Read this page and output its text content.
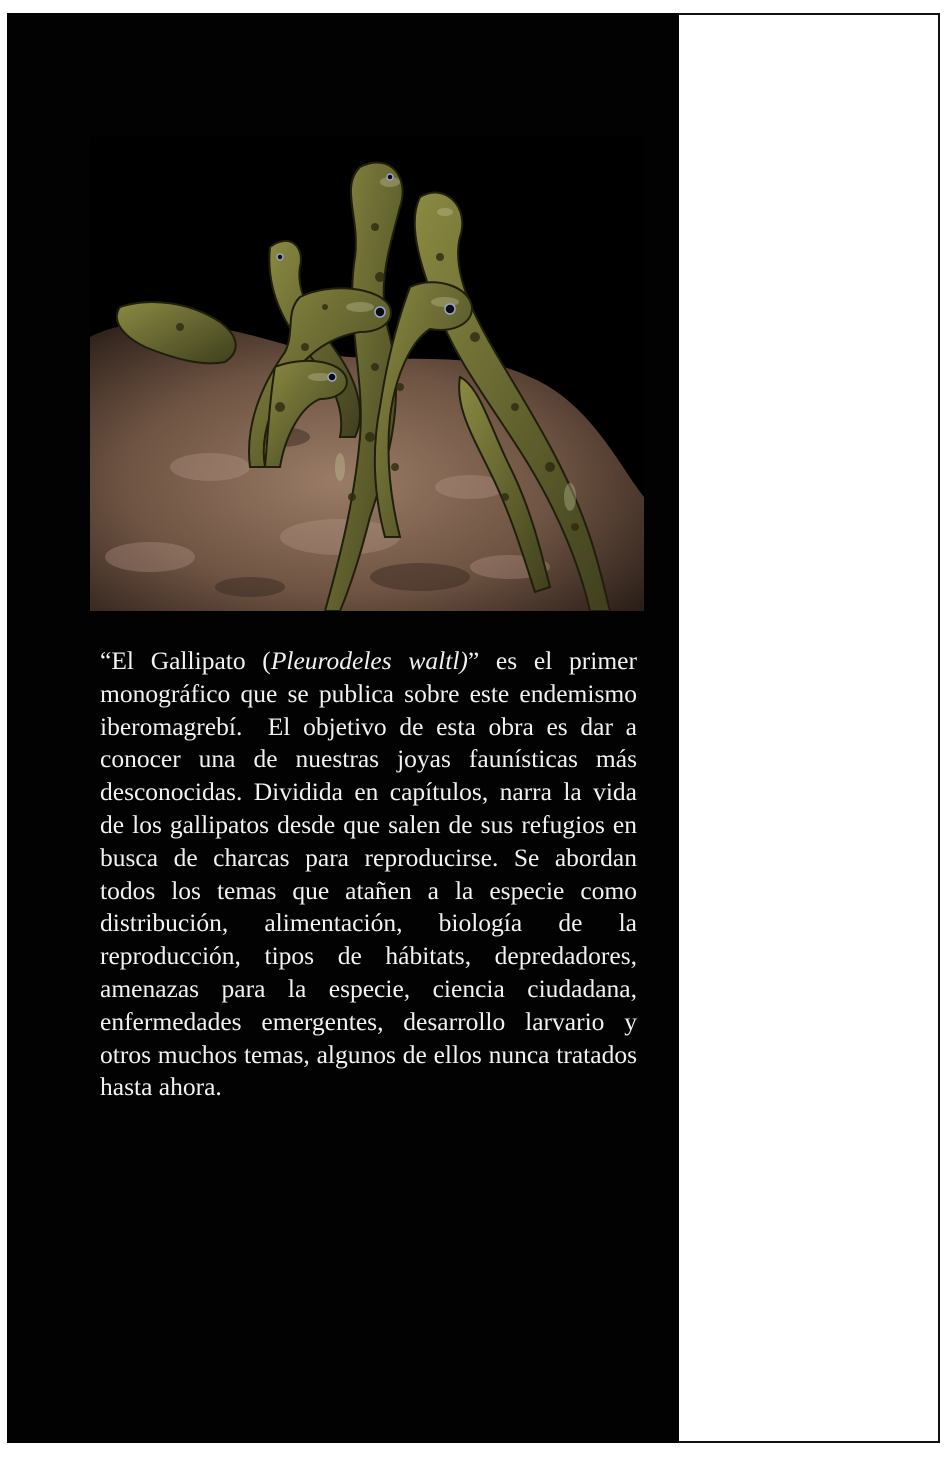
“El Gallipato (Pleurodeles waltl)” es el primer monográfico que se publica sobre este endemismo iberomagrebí.  El objetivo de esta obra es dar a conocer una de nuestras joyas faunísticas más desconocidas. Dividida en capítulos, narra la vida de los gallipatos desde que salen de sus refugios en busca de charcas para reproducirse. Se abordan todos los temas que atañen a la especie como distribución, alimentación, biología de la reproducción, tipos de hábitats, depredadores, amenazas para la especie, ciencia ciudadana, enfermedades emergentes, desarrollo larvario y otros muchos temas, algunos de ellos nunca tratados hasta ahora.
